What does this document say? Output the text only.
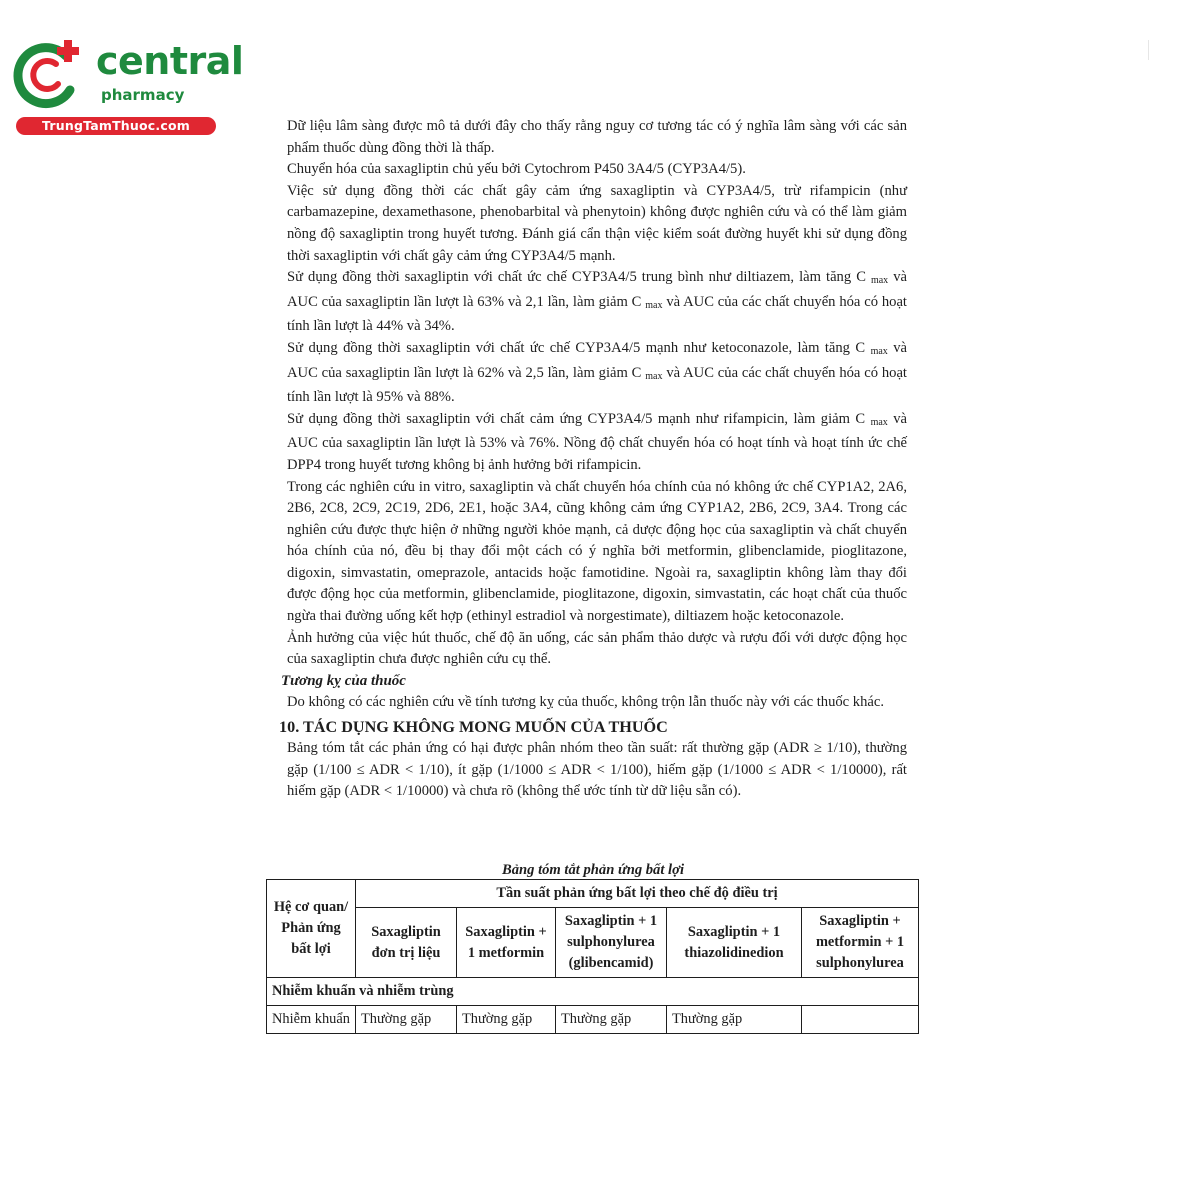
central
pharmacy
TrungTamThuoc.com	Dữ liệu lâm sàng được mô tả dưới đây cho thấy rằng nguy cơ tương tác có ý nghĩa lâm sàng với các sản phẩm thuốc dùng đồng thời là thấp.

Chuyển hóa của saxagliptin chủ yếu bởi Cytochrom P450 3A4/5 (CYP3A4/5).

Việc sử dụng đồng thời các chất gây cảm ứng saxagliptin và CYP3A4/5, trừ rifampicin (như carbamazepine, dexamethasone, phenobarbital và phenytoin) không được nghiên cứu và có thể làm giảm nồng độ saxagliptin trong huyết tương. Đánh giá cẩn thận việc kiểm soát đường huyết khi sử dụng đồng thời saxagliptin với chất gây cảm ứng CYP3A4/5 mạnh.

Sử dụng đồng thời saxagliptin với chất ức chế CYP3A4/5 trung bình như diltiazem, làm tăng C $_{max}$ và AUC của saxagliptin lần lượt là 63% và 2,1 lần, làm giảm C $_{max}$ và AUC của các chất chuyển hóa có hoạt tính lần lượt là 44% và 34%.

Sử dụng đồng thời saxagliptin với chất ức chế CYP3A4/5 mạnh như ketoconazole, làm tăng C $_{max}$ và AUC của saxagliptin lần lượt là 62% và 2,5 lần, làm giảm C $_{max}$ và AUC của các chất chuyển hóa có hoạt tính lần lượt là 95% và 88%.

Sử dụng đồng thời saxagliptin với chất cảm ứng CYP3A4/5 mạnh như rifampicin, làm giảm C $_{max}$ và AUC của saxagliptin lần lượt là 53% và 76%. Nồng độ chất chuyển hóa có hoạt tính và hoạt tính ức chế DPP4 trong huyết tương không bị ảnh hưởng bởi rifampicin.

Trong các nghiên cứu in vitro, saxagliptin và chất chuyển hóa chính của nó không ức chế CYP1A2, 2A6, 2B6, 2C8, 2C9, 2C19, 2D6, 2E1, hoặc 3A4, cũng không cảm ứng CYP1A2, 2B6, 2C9, 3A4. Trong các nghiên cứu được thực hiện ở những người khỏe mạnh, cả dược động học của saxagliptin và chất chuyển hóa chính của nó, đều bị thay đổi một cách có ý nghĩa bởi metformin, glibenclamide, pioglitazone, digoxin, simvastatin, omeprazole, antacids hoặc famotidine. Ngoài ra, saxagliptin không làm thay đổi được động học của metformin, glibenclamide, pioglitazone, digoxin, simvastatin, các hoạt chất của thuốc ngừa thai đường uống kết hợp (ethinyl estradiol và norgestimate), diltiazem hoặc ketoconazole.

Ảnh hưởng của việc hút thuốc, chế độ ăn uống, các sản phẩm thảo dược và rượu đối với dược động học của saxagliptin chưa được nghiên cứu cụ thể.

Tương kỵ của thuốc

Do không có các nghiên cứu về tính tương kỵ của thuốc, không trộn lẫn thuốc này với các thuốc khác.

10. TÁC DỤNG KHÔNG MONG MUỐN CỦA THUỐC

Bảng tóm tắt các phản ứng có hại được phân nhóm theo tần suất: rất thường gặp (ADR ≥ 1/10), thường gặp (1/100 ≤ ADR < 1/10), ít gặp (1/1000 ≤ ADR < 1/100), hiếm gặp (1/1000 ≤ ADR < 1/10000), rất hiếm gặp (ADR < 1/10000) và chưa rõ (không thể ước tính từ dữ liệu sẵn có).

Bảng tóm tắt phản ứng bất lợi
Hệ cơ quan/ Phản ứng bất lợi	Tần suất phản ứng bất lợi theo chế độ điều trị				
	Saxagliptin đơn trị liệu	Saxagliptin + 1 metformin	Saxagliptin + 1 sulphonylurea (glibencamid)	Saxagliptin + 1 thiazolidinedion	Saxagliptin + metformin + 1 sulphonylurea
Nhiễm khuẩn và nhiễm trùng					
Nhiễm khuẩn	Thường gặp	Thường gặp	Thường gặp	Thường gặp	
